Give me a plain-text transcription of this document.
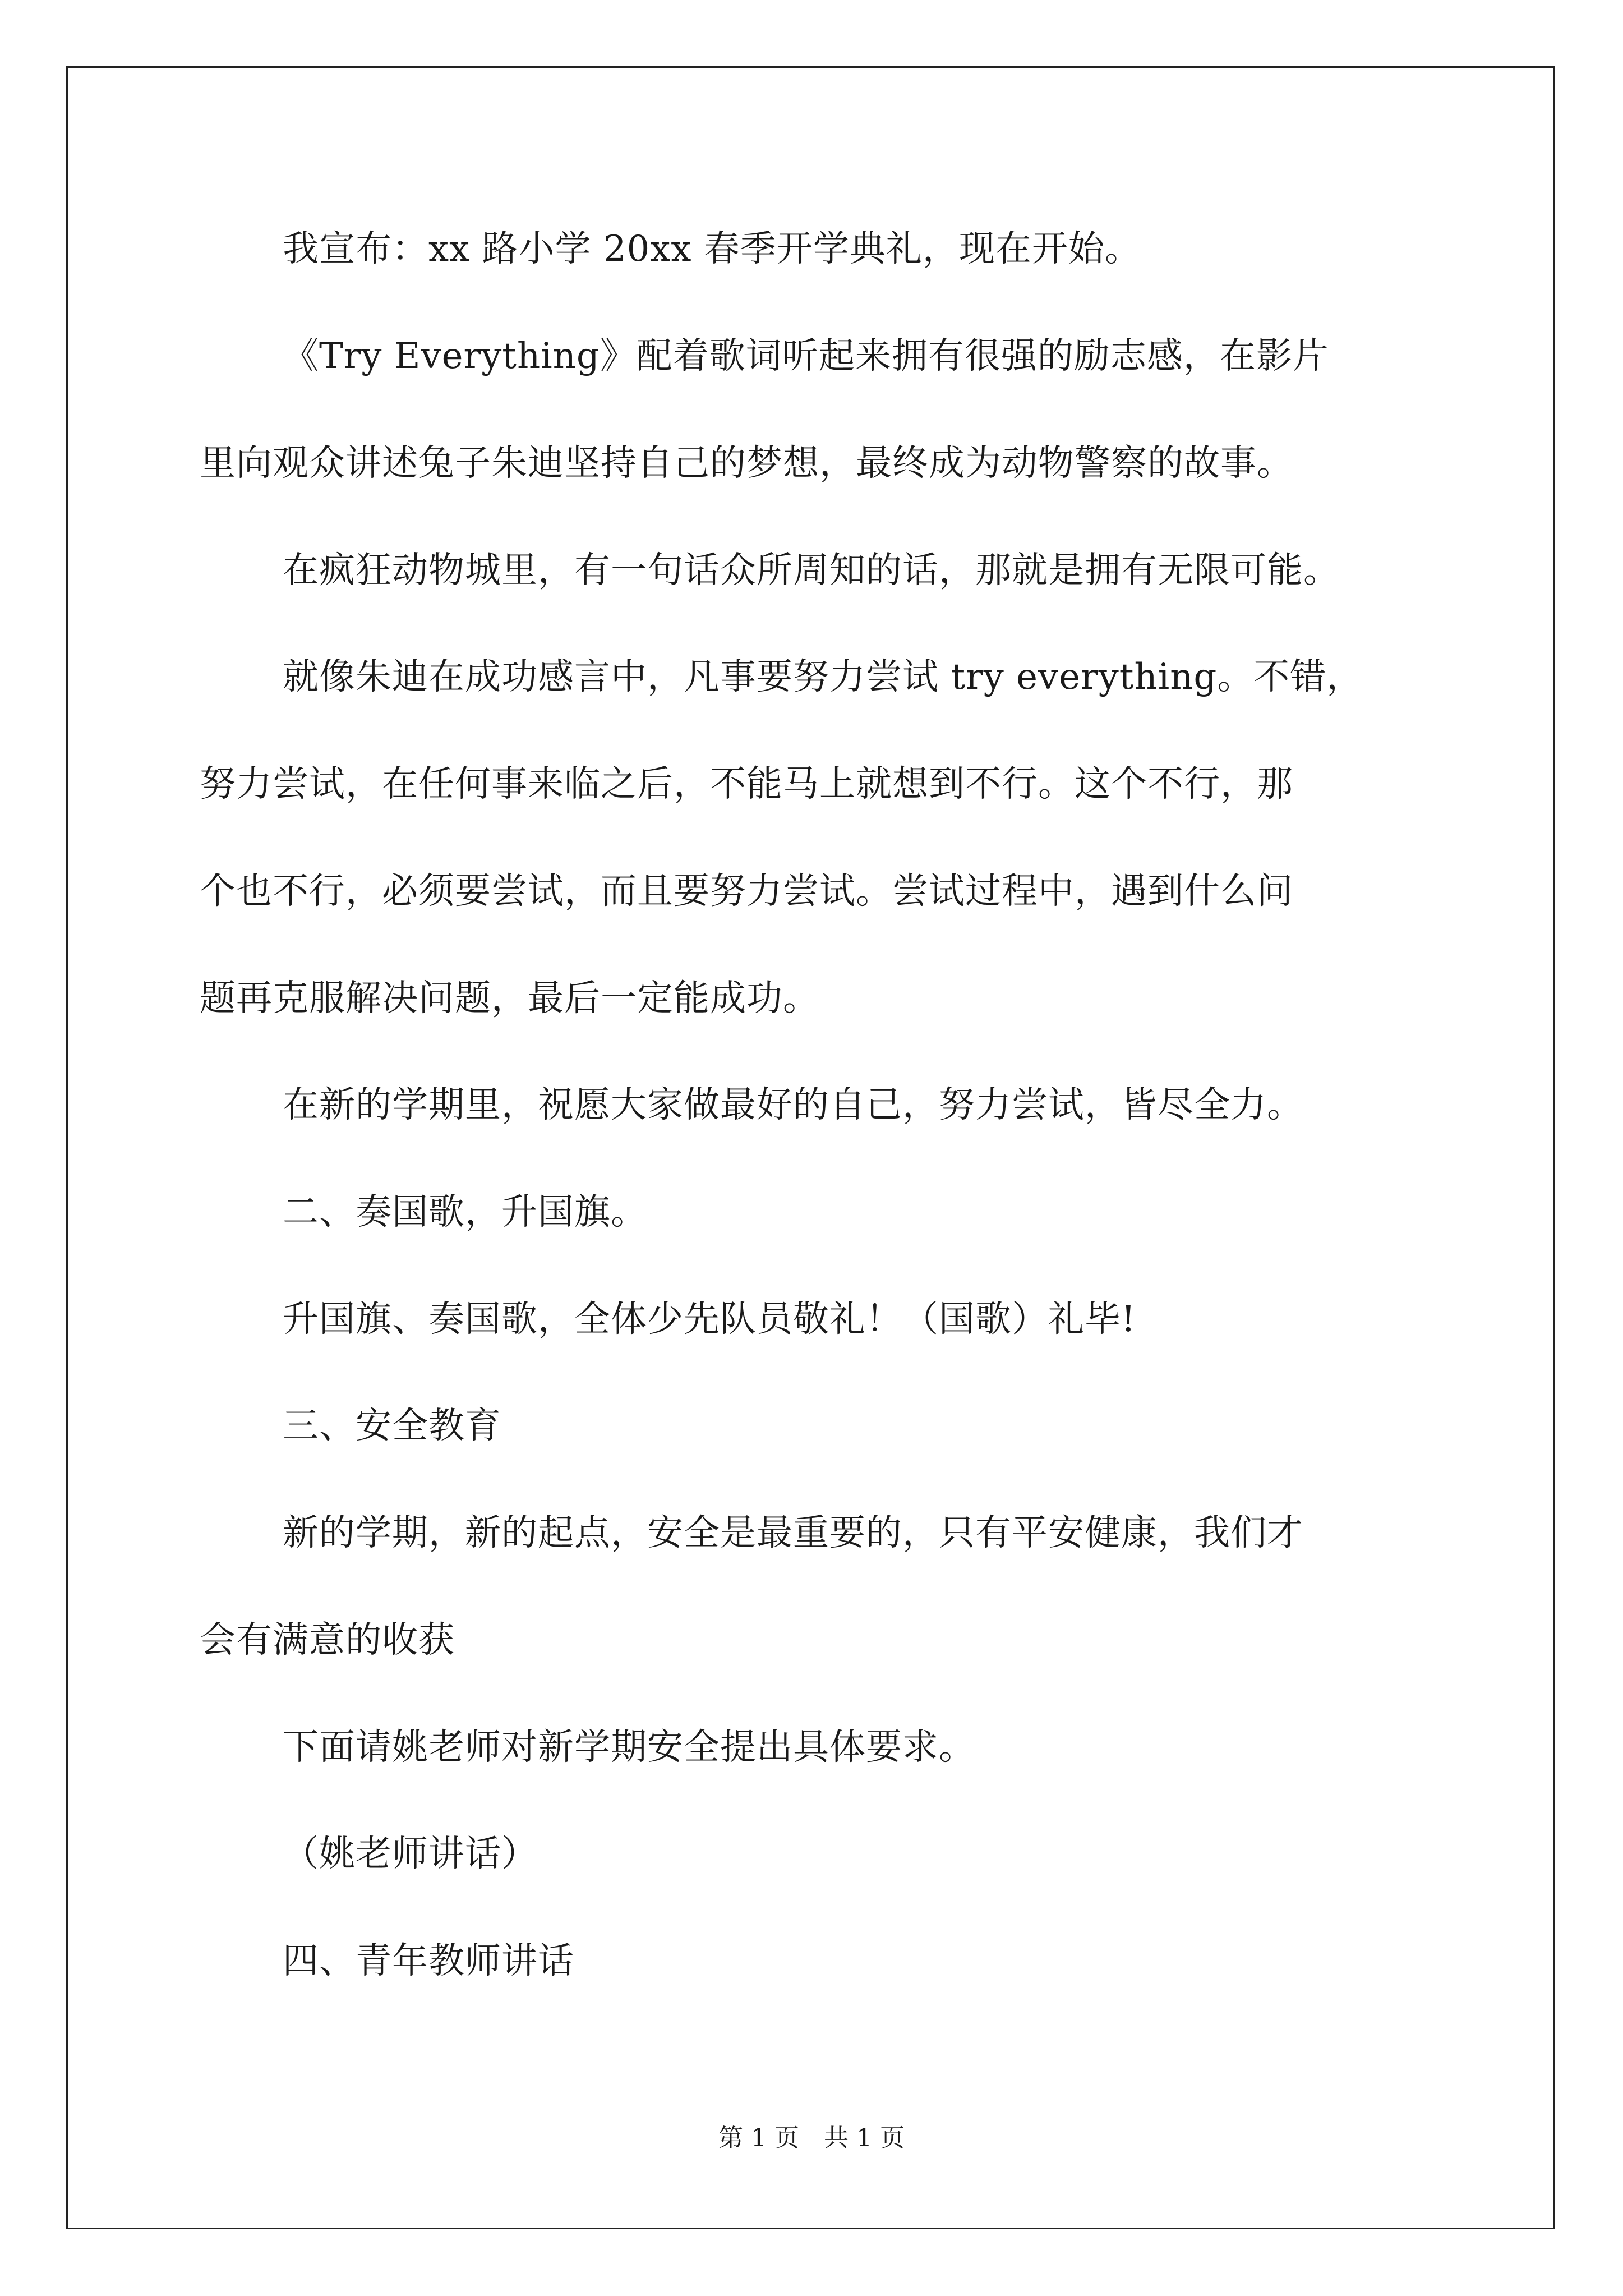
我宣布：xx 路小学 20xx 春季开学典礼，现在开始。
《Try Everything》配着歌词听起来拥有很强的励志感，在影片
里向观众讲述兔子朱迪坚持自己的梦想，最终成为动物警察的故事。
在疯狂动物城里，有一句话众所周知的话，那就是拥有无限可能。
就像朱迪在成功感言中，凡事要努力尝试 try everything。不错，
努力尝试，在任何事来临之后，不能马上就想到不行。这个不行，那
个也不行，必须要尝试，而且要努力尝试。尝试过程中，遇到什么问
题再克服解决问题，最后一定能成功。
在新的学期里，祝愿大家做最好的自己，努力尝试，皆尽全力。
二、奏国歌，升国旗。
升国旗、奏国歌，全体少先队员敬礼！（国歌）礼毕!
三、安全教育
新的学期，新的起点，安全是最重要的，只有平安健康，我们才
会有满意的收获
下面请姚老师对新学期安全提出具体要求。
（姚老师讲话）
四、青年教师讲话
第 1 页　共 1 页
